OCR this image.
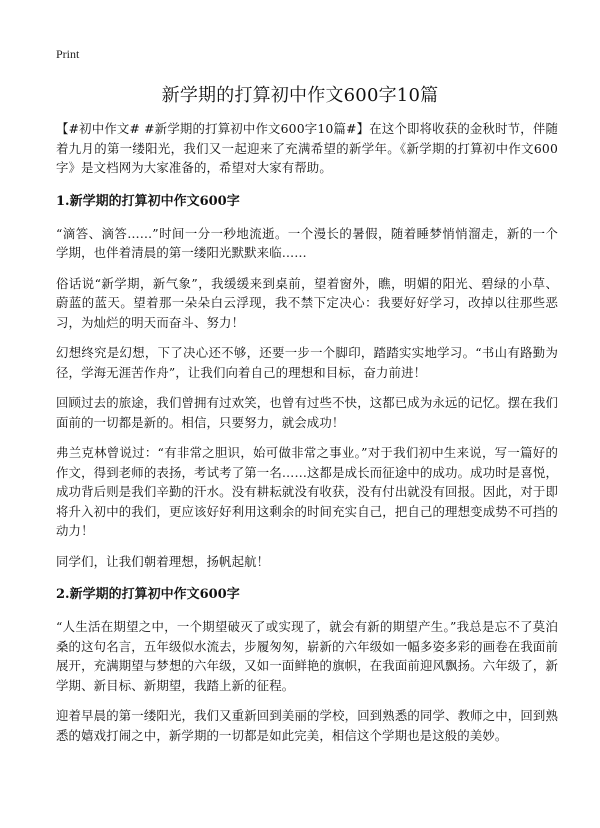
Print
新学期的打算初中作文600字10篇

【#初中作文# #新学期的打算初中作文600字10篇#】在这个即将收获的金秋时节，伴随着九月的第一缕阳光，我们又一起迎来了充满希望的新学年。《新学期的打算初中作文600字》是文档网为大家准备的，希望对大家有帮助。

1.新学期的打算初中作文600字

“滴答、滴答……”时间一分一秒地流逝。一个漫长的暑假，随着睡梦悄悄溜走，新的一个学期，也伴着清晨的第一缕阳光默默来临……

俗话说“新学期，新气象”，我缓缓来到桌前，望着窗外，瞧，明媚的阳光、碧绿的小草、蔚蓝的蓝天。望着那一朵朵白云浮现，我不禁下定决心：我要好好学习，改掉以往那些恶习，为灿烂的明天而奋斗、努力！

幻想终究是幻想，下了决心还不够，还要一步一个脚印，踏踏实实地学习。“书山有路勤为径，学海无涯苦作舟”，让我们向着自己的理想和目标，奋力前进！

回顾过去的旅途，我们曾拥有过欢笑，也曾有过些不快，这都已成为永远的记忆。摆在我们面前的一切都是新的。相信，只要努力，就会成功！

弗兰克林曾说过：“有非常之胆识，始可做非常之事业。”对于我们初中生来说，写一篇好的作文，得到老师的表扬，考试考了第一名……这都是成长而征途中的成功。成功时是喜悦，成功背后则是我们辛勤的汗水。没有耕耘就没有收获，没有付出就没有回报。因此，对于即将升入初中的我们，更应该好好利用这剩余的时间充实自己，把自己的理想变成势不可挡的动力！

同学们，让我们朝着理想，扬帆起航！

2.新学期的打算初中作文600字

“人生活在期望之中，一个期望破灭了或实现了，就会有新的期望产生。”我总是忘不了莫泊桑的这句名言，五年级似水流去，步履匆匆，崭新的六年级如一幅多姿多彩的画卷在我面前展开，充满期望与梦想的六年级，又如一面鲜艳的旗帜，在我面前迎风飘扬。六年级了，新学期、新目标、新期望，我踏上新的征程。

迎着早晨的第一缕阳光，我们又重新回到美丽的学校，回到熟悉的同学、教师之中，回到熟悉的嬉戏打闹之中，新学期的一切都是如此完美，相信这个学期也是这般的美妙。
